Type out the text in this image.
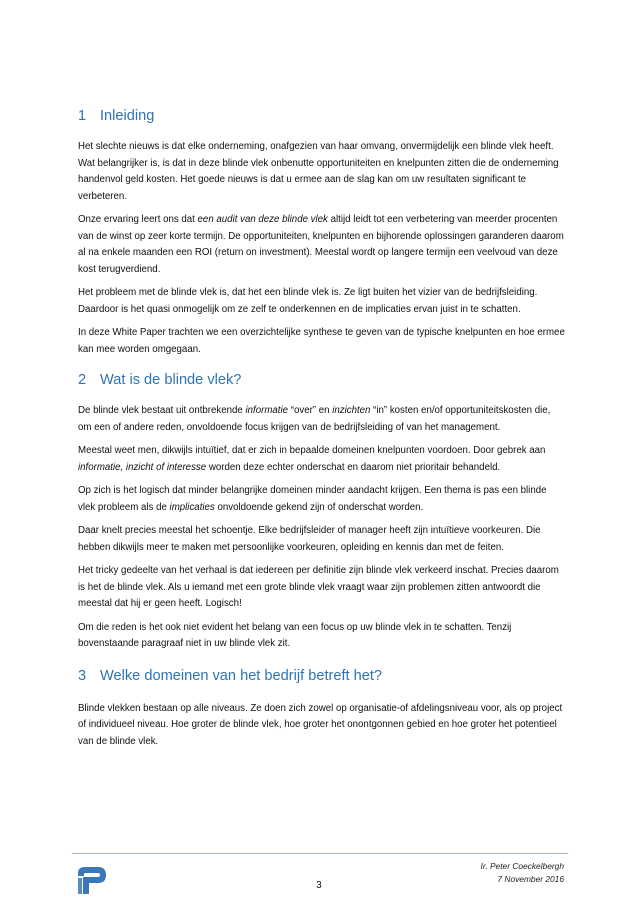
1 Inleiding

Het slechte nieuws is dat elke onderneming, onafgezien van haar omvang, onvermijdelijk een blinde vlek heeft. Wat belangrijker is, is dat in deze blinde vlek onbenutte opportuniteiten en knelpunten zitten die de onderneming handenvol geld kosten. Het goede nieuws is dat u ermee aan de slag kan om uw resultaten significant te verbeteren.

Onze ervaring leert ons dat een audit van deze blinde vlek altijd leidt tot een verbetering van meerder procenten van de winst op zeer korte termijn. De opportuniteiten, knelpunten en bijhorende oplossingen garanderen daarom al na enkele maanden een ROI (return on investment). Meestal wordt op langere termijn een veelvoud van deze kost terugverdiend.

Het probleem met de blinde vlek is, dat het een blinde vlek is. Ze ligt buiten het vizier van de bedrijfsleiding. Daardoor is het quasi onmogelijk om ze zelf te onderkennen en de implicaties ervan juist in te schatten.

In deze White Paper trachten we een overzichtelijke synthese te geven van de typische knelpunten en hoe ermee kan mee worden omgegaan.

2 Wat is de blinde vlek?

De blinde vlek bestaat uit ontbrekende informatie “over” en inzichten “in” kosten en/of opportuniteitskosten die, om een of andere reden, onvoldoende focus krijgen van de bedrijfsleiding of van het management.

Meestal weet men, dikwijls intuïtief, dat er zich in bepaalde domeinen knelpunten voordoen. Door gebrek aan informatie, inzicht of interesse worden deze echter onderschat en daarom niet prioritair behandeld.

Op zich is het logisch dat minder belangrijke domeinen minder aandacht krijgen. Een thema is pas een blinde vlek probleem als de implicaties onvoldoende gekend zijn of onderschat worden.

Daar knelt precies meestal het schoentje. Elke bedrijfsleider of manager heeft zijn intuïtieve voorkeuren. Die hebben dikwijls meer te maken met persoonlijke voorkeuren, opleiding en kennis dan met de feiten.

Het tricky gedeelte van het verhaal is dat iedereen per definitie zijn blinde vlek verkeerd inschat. Precies daarom is het de blinde vlek. Als u iemand met een grote blinde vlek vraagt waar zijn problemen zitten antwoordt die meestal dat hij er geen heeft. Logisch!

Om die reden is het ook niet evident het belang van een focus op uw blinde vlek in te schatten. Tenzij bovenstaande paragraaf niet in uw blinde vlek zit.

3 Welke domeinen van het bedrijf betreft het?

Blinde vlekken bestaan op alle niveaus. Ze doen zich zowel op organisatie-of afdelingsniveau voor, als op project of individueel niveau. Hoe groter de blinde vlek, hoe groter het onontgonnen gebied en hoe groter het potentieel van de blinde vlek.

Ir. Peter Coeckelbergh
7 November 2016
3
